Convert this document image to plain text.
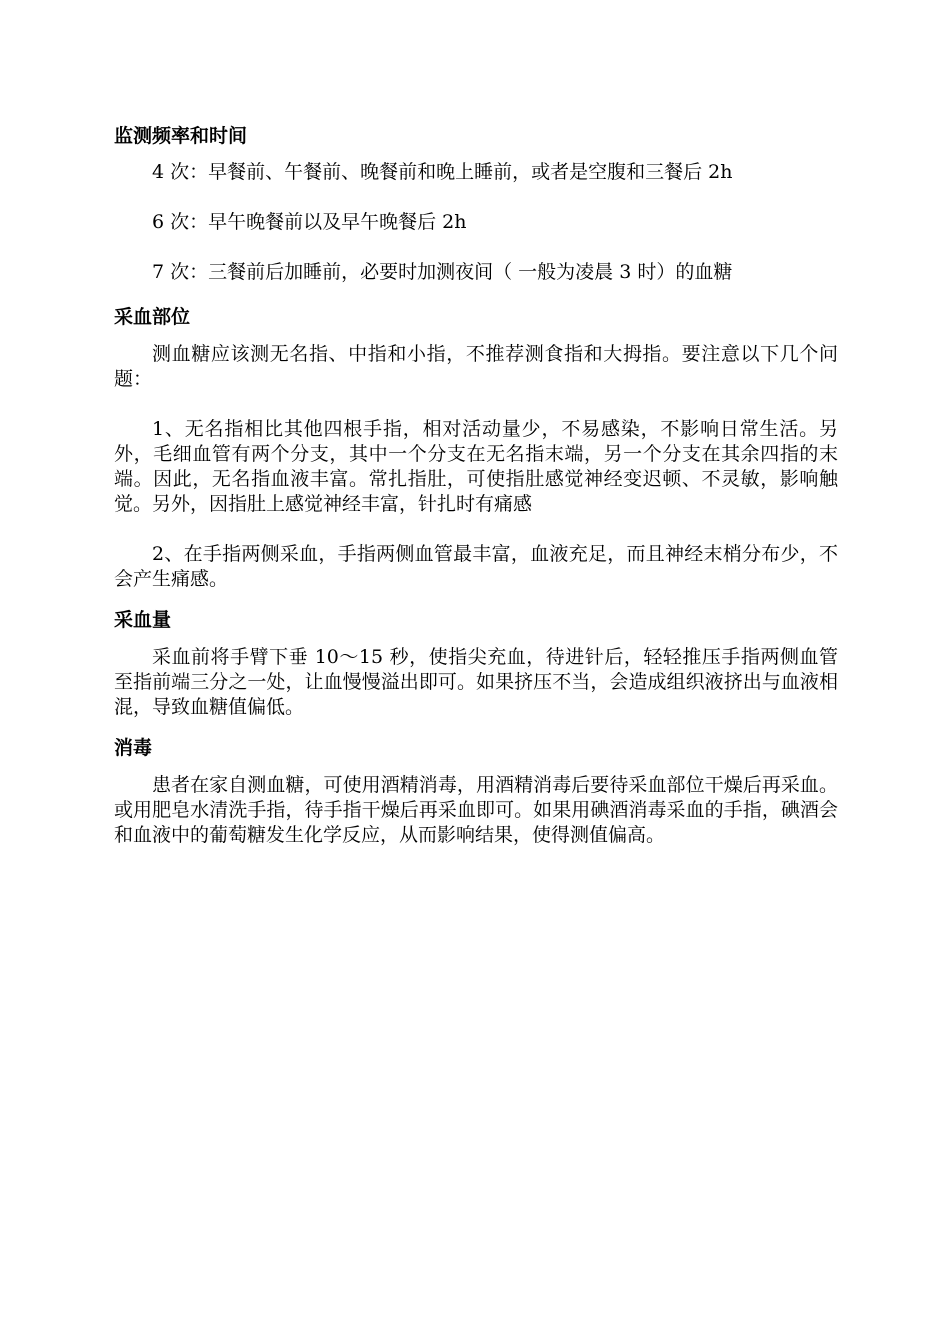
监测频率和时间

4 次：早餐前、午餐前、晚餐前和晚上睡前，或者是空腹和三餐后 2h

6 次：早午晚餐前以及早午晚餐后 2h

7 次：三餐前后加睡前，必要时加测夜间（ 一般为凌晨 3 时）的血糖

采血部位

测血糖应该测无名指、中指和小指，不推荐测食指和大拇指。要注意以下几个问题：

1、无名指相比其他四根手指，相对活动量少，不易感染，不影响日常生活。另外，毛细血管有两个分支，其中一个分支在无名指末端，另一个分支在其余四指的末端。因此，无名指血液丰富。常扎指肚，可使指肚感觉神经变迟顿、不灵敏，影响触觉。另外，因指肚上感觉神经丰富，针扎时有痛感

2、在手指两侧采血，手指两侧血管最丰富，血液充足，而且神经末梢分布少，不会产生痛感。

采血量

采血前将手臂下垂 10～15 秒，使指尖充血，待进针后，轻轻推压手指两侧血管至指前端三分之一处，让血慢慢溢出即可。如果挤压不当，会造成组织液挤出与血液相混，导致血糖值偏低。

消毒

患者在家自测血糖，可使用酒精消毒，用酒精消毒后要待采血部位干燥后再采血。或用肥皂水清洗手指，待手指干燥后再采血即可。如果用碘酒消毒采血的手指，碘酒会和血液中的葡萄糖发生化学反应，从而影响结果，使得测值偏高。
